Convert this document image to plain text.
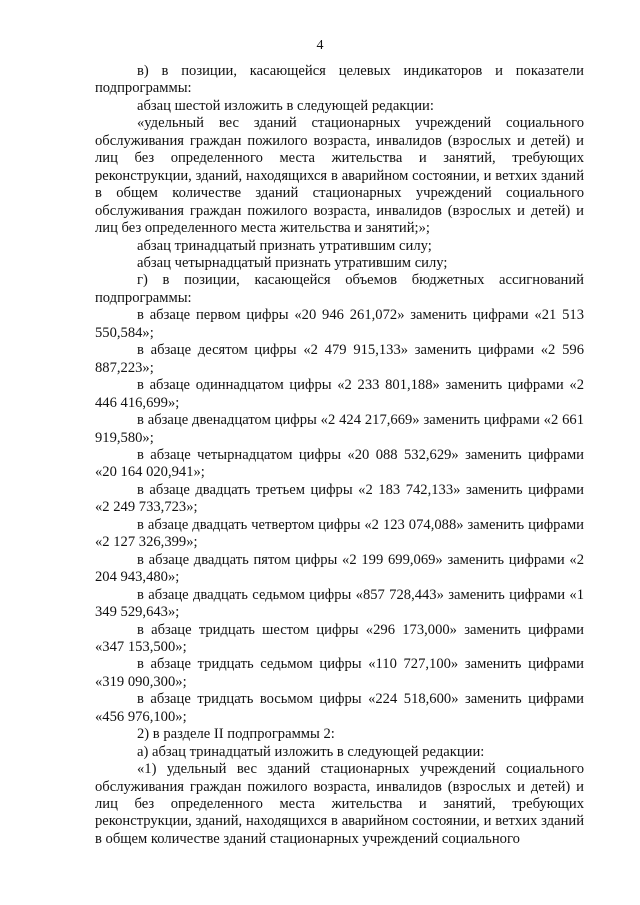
4

в) в позиции, касающейся целевых индикаторов и показатели подпрограммы:

абзац шестой изложить в следующей редакции:

«удельный вес зданий стационарных учреждений социального обслуживания граждан пожилого возраста, инвалидов (взрослых и детей) и лиц без определенного места жительства и занятий, требующих реконструкции, зданий, находящихся в аварийном состоянии, и ветхих зданий в общем количестве зданий стационарных учреждений социального обслуживания граждан пожилого возраста, инвалидов (взрослых и детей) и лиц без определенного места жительства и занятий;»;

абзац тринадцатый признать утратившим силу;

абзац четырнадцатый признать утратившим силу;

г) в позиции, касающейся объемов бюджетных ассигнований подпрограммы:

в абзаце первом цифры «20 946 261,072» заменить цифрами «21 513 550,584»;

в абзаце десятом цифры «2 479 915,133» заменить цифрами «2 596 887,223»;

в абзаце одиннадцатом цифры «2 233 801,188» заменить цифрами «2 446 416,699»;

в абзаце двенадцатом цифры «2 424 217,669» заменить цифрами «2 661 919,580»;

в абзаце четырнадцатом цифры «20 088 532,629» заменить цифрами «20 164 020,941»;

в абзаце двадцать третьем цифры «2 183 742,133» заменить цифрами «2 249 733,723»;

в абзаце двадцать четвертом цифры «2 123 074,088» заменить цифрами «2 127 326,399»;

в абзаце двадцать пятом цифры «2 199 699,069» заменить цифрами «2 204 943,480»;

в абзаце двадцать седьмом цифры «857 728,443» заменить цифрами «1 349 529,643»;

в абзаце тридцать шестом цифры «296 173,000» заменить цифрами «347 153,500»;

в абзаце тридцать седьмом цифры «110 727,100» заменить цифрами «319 090,300»;

в абзаце тридцать восьмом цифры «224 518,600» заменить цифрами «456 976,100»;

2) в разделе II подпрограммы 2:

а) абзац тринадцатый изложить в следующей редакции:

«1) удельный вес зданий стационарных учреждений социального обслуживания граждан пожилого возраста, инвалидов (взрослых и детей) и лиц без определенного места жительства и занятий, требующих реконструкции, зданий, находящихся в аварийном состоянии, и ветхих зданий в общем количестве зданий стационарных учреждений социального
